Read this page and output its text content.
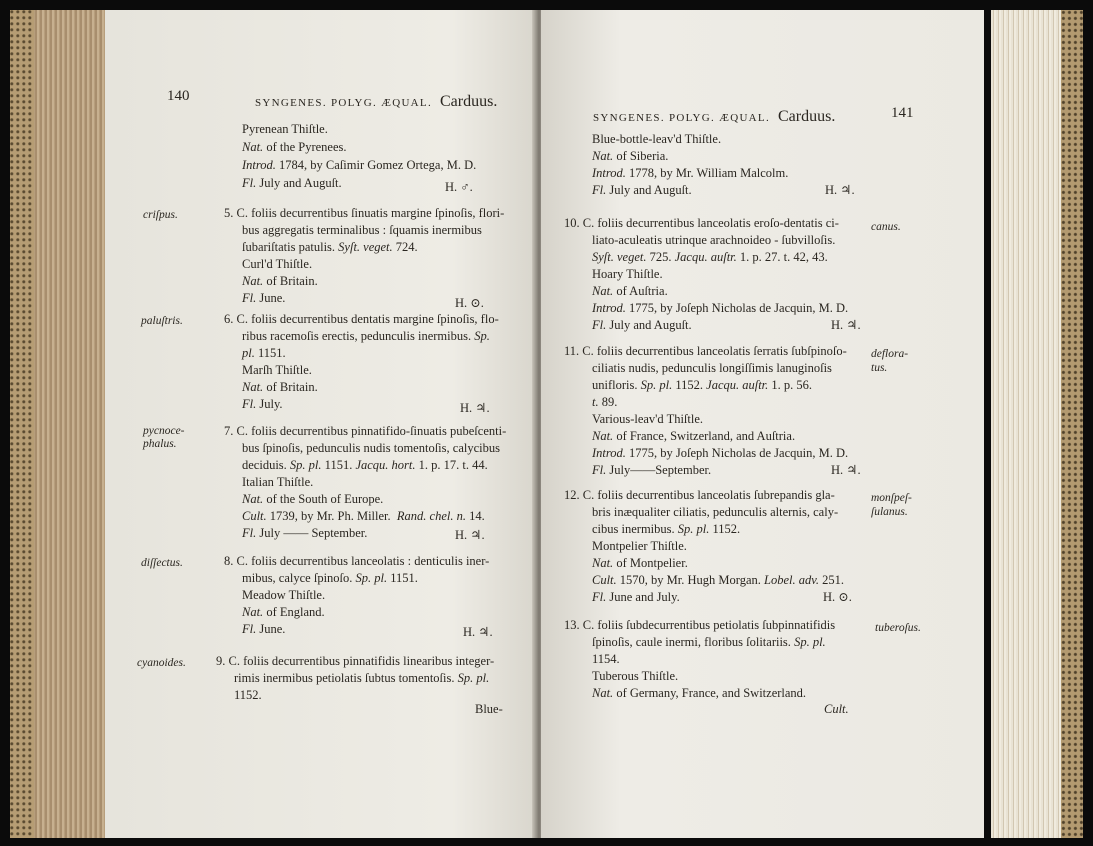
140	SYNGENES. POLYG. ÆQUAL. Carduus.
Pyrenean Thiſtle.
Nat. of the Pyrenees.
Introd. 1784, by Caſimir Gomez Ortega, M. D.
Fl. July and Auguſt.	H. ♂.
criſpus.	5. C. foliis decurrentibus ſinuatis margine ſpinoſis, flori-
bus aggregatis terminalibus : ſquamis inermibus
ſubariſtatis patulis. Syſt. veget. 724.
Curl'd Thiſtle.
Nat. of Britain.
Fl. June.	H. ⊙.
paluſtris.	6. C. foliis decurrentibus dentatis margine ſpinoſis, flo-
ribus racemoſis erectis, pedunculis inermibus. Sp.
pl. 1151.
Marſh Thiſtle.
Nat. of Britain.
Fl. July.	H. ♃.
pycnoce-
phalus.
7. C. foliis decurrentibus pinnatifido-ſinuatis pubeſcenti-
bus ſpinoſis, pedunculis nudis tomentoſis, calycibus
deciduis. Sp. pl. 1151. Jacqu. hort. 1. p. 17. t. 44.
Italian Thiſtle.
Nat. of the South of Europe.
Cult. 1739, by Mr. Ph. Miller. Rand. chel. n. 14.
Fl. July —— September.	H. ♃.
diſſectus.	8. C. foliis decurrentibus lanceolatis : denticulis iner-
mibus, calyce ſpinoſo. Sp. pl. 1151.
Meadow Thiſtle.
Nat. of England.
Fl. June.	H. ♃.
cyanoides. 9. C. foliis decurrentibus pinnatifidis linearibus integer-
rimis inermibus petiolatis ſubtus tomentoſis. Sp. pl.
1152.
Blue-
SYNGENES. POLYG. ÆQUAL. Carduus.	141
Blue-bottle-leav'd Thiſtle.
Nat. of Siberia.
Introd. 1778, by Mr. William Malcolm.
Fl. July and Auguſt.	H. ♃.
canus.
10. C. foliis decurrentibus lanceolatis eroſo-dentatis ci-
liato-aculeatis utrinque arachnoideo - ſubvilloſis.
Syſt. veget. 725. Jacqu. auſtr. 1. p. 27. t. 42, 43.
Hoary Thiſtle.
Nat. of Auſtria.
Introd. 1775, by Joſeph Nicholas de Jacquin, M. D.
Fl. July and Auguſt.	H. ♃.
deflora-
tus.
11. C. foliis decurrentibus lanceolatis ſerratis ſubſpinoſo-
ciliatis nudis, pedunculis longiſſimis lanuginoſis
unifloris. Sp. pl. 1152. Jacqu. auſtr. 1. p. 56.
t. 89.
Various-leav'd Thiſtle.
Nat. of France, Switzerland, and Auſtria.
Introd. 1775, by Joſeph Nicholas de Jacquin, M. D.
Fl. July——September.	H. ♃.
monſpeſ-
ſulanus.
12. C. foliis decurrentibus lanceolatis ſubrepandis gla-
bris inæqualiter ciliatis, pedunculis alternis, caly-
cibus inermibus. Sp. pl. 1152.
Montpelier Thiſtle.
Nat. of Montpelier.
Cult. 1570, by Mr. Hugh Morgan. Lobel. adv. 251.
Fl. June and July.	H. ⊙.
tuberoſus.
13. C. foliis ſubdecurrentibus petiolatis ſubpinnatifidis
ſpinoſis, caule inermi, floribus ſolitariis. Sp. pl.
1154.
Tuberous Thiſtle.
Nat. of Germany, France, and Switzerland.
Cult.
